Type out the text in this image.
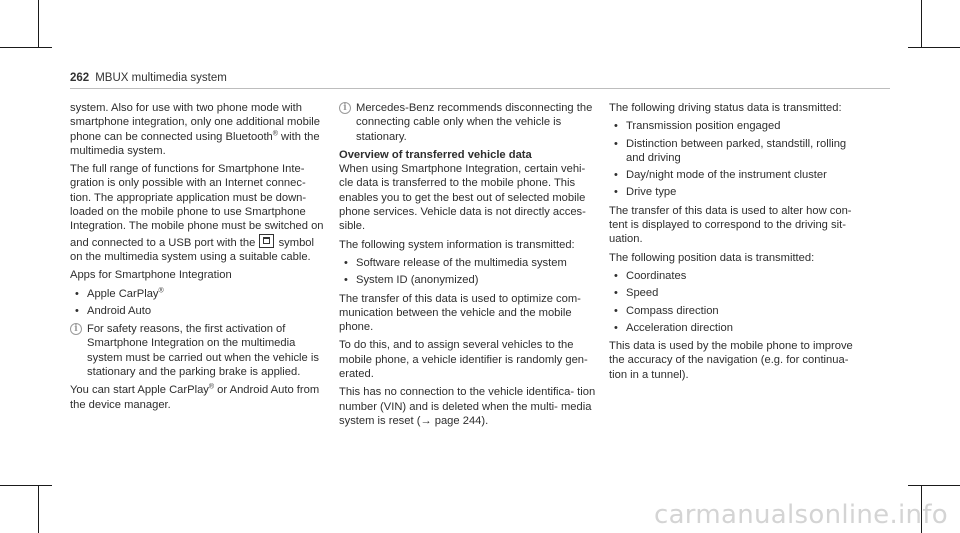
262 MBUX multimedia system

system. Also for use with two phone mode with smartphone integration, only one additional mobile phone can be connected using Bluetooth® with the multimedia system.

The full range of functions for Smartphone Inte- gration is only possible with an Internet connec- tion. The appropriate application must be down- loaded on the mobile phone to use Smartphone Integration. The mobile phone must be switched on and connected to a USB port with the symbol on the multimedia system using a suitable cable.

Apps for Smartphone Integration

• Apple CarPlay®
• Android Auto
i
For safety reasons, the first activation of Smartphone Integration on the multimedia system must be carried out when the vehicle is stationary and the parking brake is applied.

You can start Apple CarPlay® or Android Auto from the device manager.

i
Mercedes-Benz recommends disconnecting the connecting cable only when the vehicle is stationary.
Overview of transferred vehicle data

When using Smartphone Integration, certain vehi- cle data is transferred to the mobile phone. This enables you to get the best out of selected mobile phone services. Vehicle data is not directly acces- sible.

The following system information is transmitted:

• Software release of the multimedia system
• System ID (anonymized)

The transfer of this data is used to optimize com- munication between the vehicle and the mobile phone.

To do this, and to assign several vehicles to the mobile phone, a vehicle identifier is randomly gen- erated.

This has no connection to the vehicle identifica- tion number (VIN) and is deleted when the multi- media system is reset (→ page 244).

The following driving status data is transmitted:

• Transmission position engaged
• Distinction between parked, standstill, rolling and driving
• Day/night mode of the instrument cluster
• Drive type

The transfer of this data is used to alter how con- tent is displayed to correspond to the driving sit- uation.

The following position data is transmitted:

• Coordinates
• Speed
• Compass direction
• Acceleration direction

This data is used by the mobile phone to improve the accuracy of the navigation (e.g. for continua- tion in a tunnel).

carmanualsonline.info
